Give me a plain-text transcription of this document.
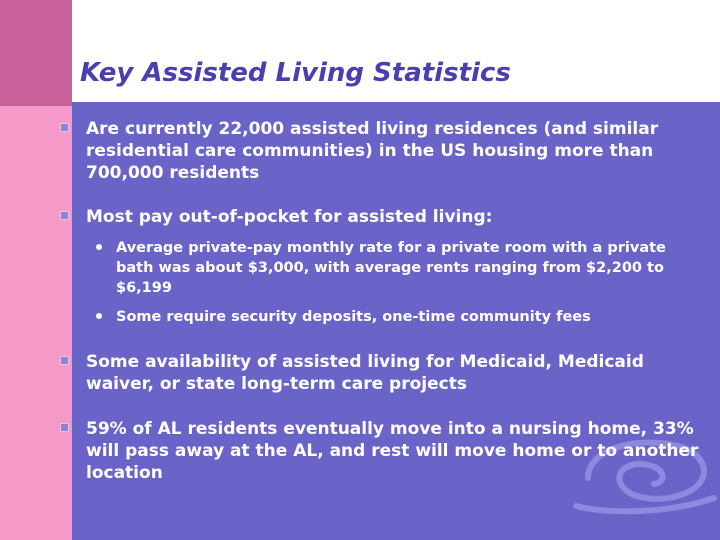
Key Assisted Living Statistics
Are currently 22,000 assisted living residences (and similar residential care communities) in the US housing more than 700,000 residents
Most pay out-of-pocket for assisted living:
Average private-pay monthly rate for a private room with a private bath was about $3,000, with average rents ranging from $2,200 to $6,199
Some require security deposits, one-time community fees
Some availability of assisted living for Medicaid, Medicaid waiver, or state long-term care projects
59% of AL residents eventually move into a nursing home, 33% will pass away at the AL, and rest will move home or to another location
